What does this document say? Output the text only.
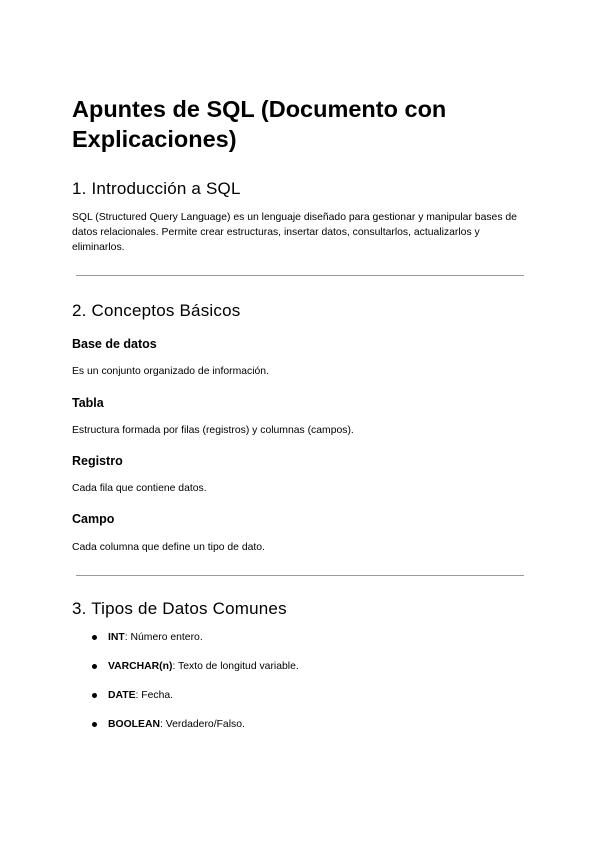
Apuntes de SQL (Documento con Explicaciones)
1. Introducción a SQL

SQL (Structured Query Language) es un lenguaje diseñado para gestionar y manipular bases de datos relacionales. Permite crear estructuras, insertar datos, consultarlos, actualizarlos y eliminarlos.

2. Conceptos Básicos
Base de datos

Es un conjunto organizado de información.

Tabla

Estructura formada por filas (registros) y columnas (campos).

Registro

Cada fila que contiene datos.

Campo

Cada columna que define un tipo de dato.

3. Tipos de Datos Comunes
INT: Número entero.
VARCHAR(n): Texto de longitud variable.
DATE: Fecha.
BOOLEAN: Verdadero/Falso.
